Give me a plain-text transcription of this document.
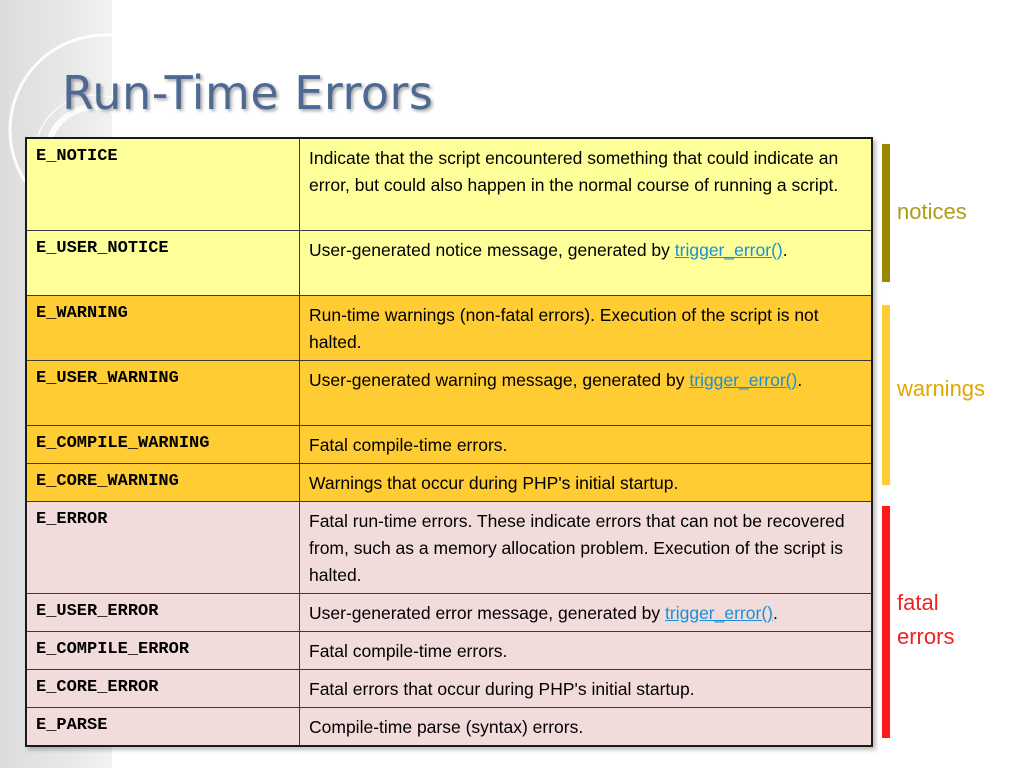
Run-Time Errors
E_NOTICE	Indicate that the script encountered something that could indicate an error, but could also happen in the normal course of running a script.
E_USER_NOTICE	User-generated notice message, generated by trigger_error().
E_WARNING	Run-time warnings (non-fatal errors). Execution of the script is not halted.
E_USER_WARNING	User-generated warning message, generated by trigger_error().
E_COMPILE_WARNING	Fatal compile-time errors.
E_CORE_WARNING	Warnings that occur during PHP's initial startup.
E_ERROR	Fatal run-time errors. These indicate errors that can not be recovered from, such as a memory allocation problem. Execution of the script is halted.
E_USER_ERROR	User-generated error message, generated by trigger_error().
E_COMPILE_ERROR	Fatal compile-time errors.
E_CORE_ERROR	Fatal errors that occur during PHP's initial startup.
E_PARSE	Compile-time parse (syntax) errors.
notices
warnings
fatal errors
